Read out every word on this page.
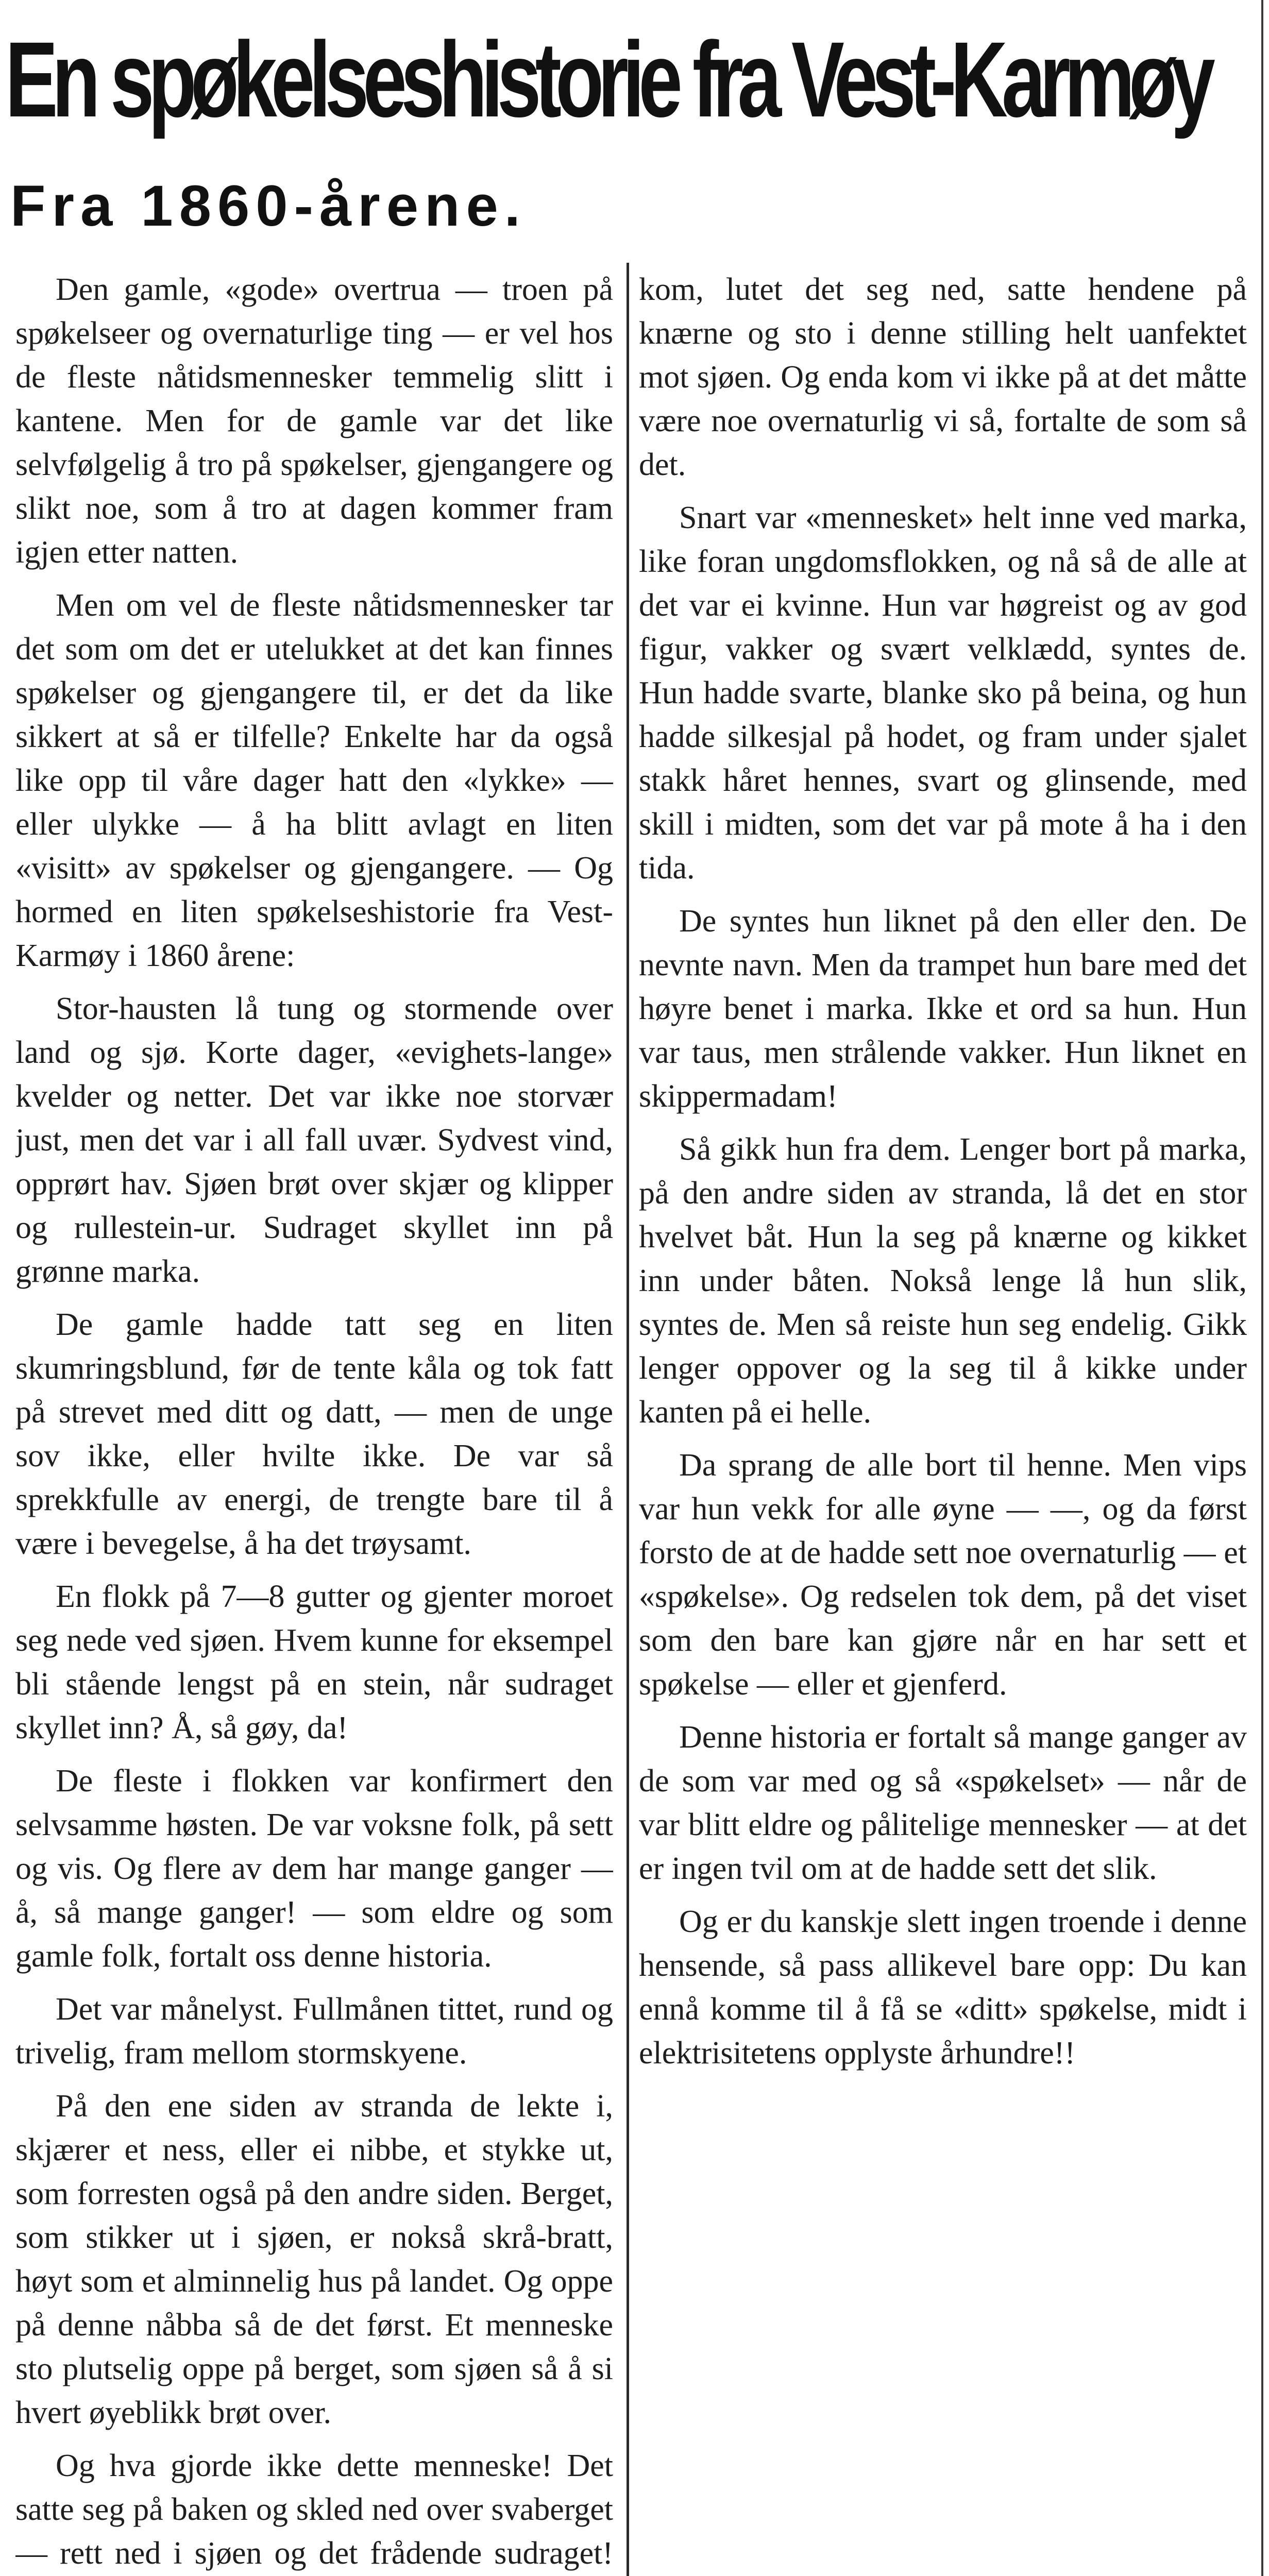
En spøkelseshistorie fra Vest-Karmøy
Fra 1860-årene.

Den gamle, «gode» overtrua — troen på spøkelseer og overnaturlige ting — er vel hos de fleste nåtidsmennesker temmelig slitt i kantene. Men for de gamle var det like selvfølgelig å tro på spøkelser, gjengangere og slikt noe, som å tro at dagen kommer fram igjen etter natten.

Men om vel de fleste nåtidsmennesker tar det som om det er utelukket at det kan finnes spøkelser og gjengangere til, er det da like sikkert at så er tilfelle? Enkelte har da også like opp til våre dager hatt den «lykke» — eller ulykke — å ha blitt avlagt en liten «visitt» av spøkelser og gjengangere. — Og hormed en liten spøkelseshistorie fra Vest-Karmøy i 1860 årene:

Stor-hausten lå tung og stormende over land og sjø. Korte dager, «evighets-lange» kvelder og netter. Det var ikke noe storvær just, men det var i all fall uvær. Sydvest vind, opprørt hav. Sjøen brøt over skjær og klipper og rullestein-ur. Sudraget skyllet inn på grønne marka.

De gamle hadde tatt seg en liten skumringsblund, før de tente kåla og tok fatt på strevet med ditt og datt, — men de unge sov ikke, eller hvilte ikke. De var så sprekkfulle av energi, de trengte bare til å være i bevegelse, å ha det trøysamt.

En flokk på 7—8 gutter og gjenter moroet seg nede ved sjøen. Hvem kunne for eksempel bli stående lengst på en stein, når sudraget skyllet inn? Å, så gøy, da!

De fleste i flokken var konfirmert den selvsamme høsten. De var voksne folk, på sett og vis. Og flere av dem har mange ganger — å, så mange ganger! — som eldre og som gamle folk, fortalt oss denne historia.

Det var månelyst. Fullmånen tittet, rund og trivelig, fram mellom stormskyene.

På den ene siden av stranda de lekte i, skjærer et ness, eller ei nibbe, et stykke ut, som forresten også på den andre siden. Berget, som stikker ut i sjøen, er nokså skrå-bratt, høyt som et alminnelig hus på landet. Og oppe på denne nåbba så de det først. Et menneske sto plutselig oppe på berget, som sjøen så å si hvert øyeblikk brøt over.

Og hva gjorde ikke dette menneske! Det satte seg på baken og skled ned over svaberget — rett ned i sjøen og det frådende sudraget!

kom, lutet det seg ned, satte hendene på knærne og sto i denne stilling helt uanfektet mot sjøen. Og enda kom vi ikke på at det måtte være noe overnaturlig vi så, fortalte de som så det.

Snart var «mennesket» helt inne ved marka, like foran ungdomsflokken, og nå så de alle at det var ei kvinne. Hun var høgreist og av god figur, vakker og svært velklædd, syntes de. Hun hadde svarte, blanke sko på beina, og hun hadde silkesjal på hodet, og fram under sjalet stakk håret hennes, svart og glinsende, med skill i midten, som det var på mote å ha i den tida.

De syntes hun liknet på den eller den. De nevnte navn. Men da trampet hun bare med det høyre benet i marka. Ikke et ord sa hun. Hun var taus, men strålende vakker. Hun liknet en skippermadam!

Så gikk hun fra dem. Lenger bort på marka, på den andre siden av stranda, lå det en stor hvelvet båt. Hun la seg på knærne og kikket inn under båten. Nokså lenge lå hun slik, syntes de. Men så reiste hun seg endelig. Gikk lenger oppover og la seg til å kikke under kanten på ei helle.

Da sprang de alle bort til henne. Men vips var hun vekk for alle øyne — —, og da først forsto de at de hadde sett noe overnaturlig — et «spøkelse». Og redselen tok dem, på det viset som den bare kan gjøre når en har sett et spøkelse — eller et gjenferd.

Denne historia er fortalt så mange ganger av de som var med og så «spøkelset» — når de var blitt eldre og pålitelige mennesker — at det er ingen tvil om at de hadde sett det slik.

Og er du kanskje slett ingen troende i denne hensende, så pass allikevel bare opp: Du kan ennå komme til å få se «ditt» spøkelse, midt i elektrisitetens opplyste århundre!!
